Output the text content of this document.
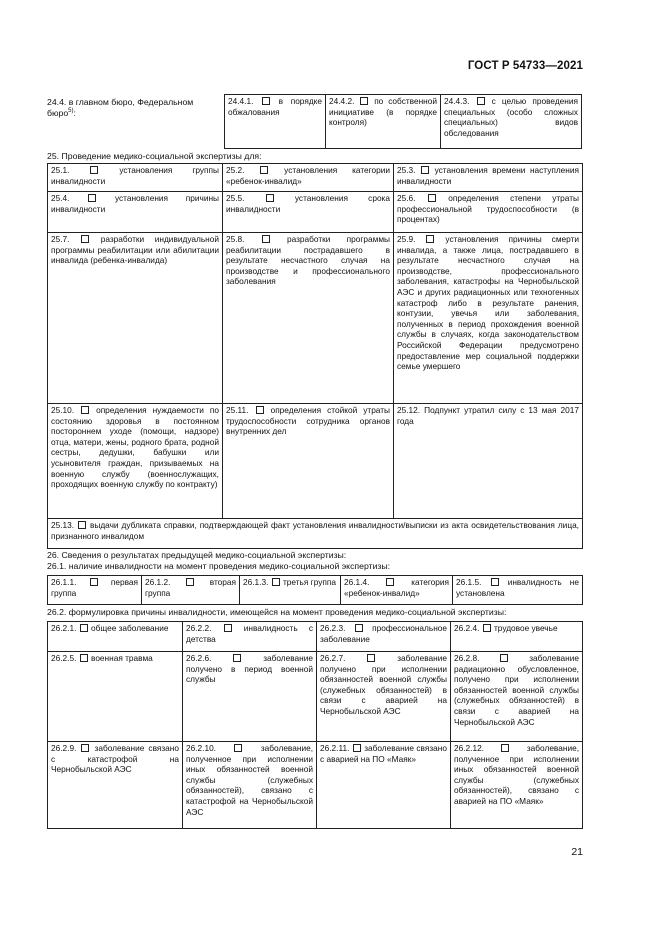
ГОСТ Р 54733—2021
24.4. в главном бюро, Федеральном бюро$^{5)}$:
24.4.1.	в порядке обжалования	24.4.2. по собственной инициативе (в порядке контроля)	24.4.3.	с целью проведения специальных (особо сложных специальных) видов обследования
25. Проведение медико-социальной экспертизы для:
25.1. установления группы инвалидности	25.2. установления категории «ребенок-инвалид»	25.3. установления времени наступления инвалидности
25.4. установления причины инвалидности	25.5. установления срока инвалидности	25.6. определения степени утраты профессиональной трудоспособности (в процентах)
25.7. разработки индивидуальной программы реабилитации или абилитации инвалида (ребенка-инвалида)	25.8. разработки программы реабилитации пострадавшего в результате несчастного случая на производстве и профессионального заболевания	25.9. установления причины смерти инвалида, а также лица, пострадавшего в результате несчастного случая на производстве, профессионального заболевания, катастрофы на Чернобыльской АЭС и других радиационных или техногенных катастроф либо в результате ранения, контузии, увечья или заболевания, полученных в период прохождения военной службы в случаях, когда законодательством Российской Федерации предусмотрено предоставление мер социальной поддержки семье умершего
25.10. определения нуждаемости по состоянию здоровья в постоянном постороннем уходе (помощи, надзоре) отца, матери, жены, родного брата, родной сестры, дедушки, бабушки или усыновителя граждан, призываемых на военную службу (военнослужащих, проходящих военную службу по контракту)	25.11. определения стойкой утраты трудоспособности сотрудника органов внутренних дел	25.12. Подпункт утратил силу с 13 мая 2017 года
25.13. выдачи дубликата справки, подтверждающей факт установления инвалидности/выписки из акта освидетельствования лица, признанного инвалидом		
26. Сведения о результатах предыдущей медико-социальной экспертизы:
26.1. наличие инвалидности на момент проведения медико-социальной экспертизы:
26.1.1.	первая группа	26.1.2.	вторая группа	26.1.3. третья группа	26.1.4.	категория «ребенок-инвалид»	26.1.5.	инвалидность не установлена
26.2. формулировка причины инвалидности, имеющейся на момент проведения медико-социальной экспертизы:
26.2.1. общее заболевание	26.2.2. инвалидность с детства	26.2.3. профессиональное заболевание	26.2.4. трудовое увечье
26.2.5. военная травма	26.2.6. заболевание получено в период военной службы	26.2.7. заболевание получено при исполнении обязанностей военной службы (служебных обязанностей) в связи с аварией на Чернобыльской АЭС	26.2.8. заболевание радиационно обусловленное, получено при исполнении обязанностей военной службы (служебных обязанностей) в связи с аварией на Чернобыльской АЭС
26.2.9. заболевание связано с катастрофой на Чернобыльской АЭС	26.2.10. заболевание, полученное при исполнении иных обязанностей военной службы (служебных обязанностей), связано с катастрофой на Чернобыльской АЭС	26.2.11. заболевание связано с аварией на ПО «Маяк»	26.2.12. заболевание, полученное при исполнении иных обязанностей военной службы (служебных обязанностей), связано с аварией на ПО «Маяк»
21
